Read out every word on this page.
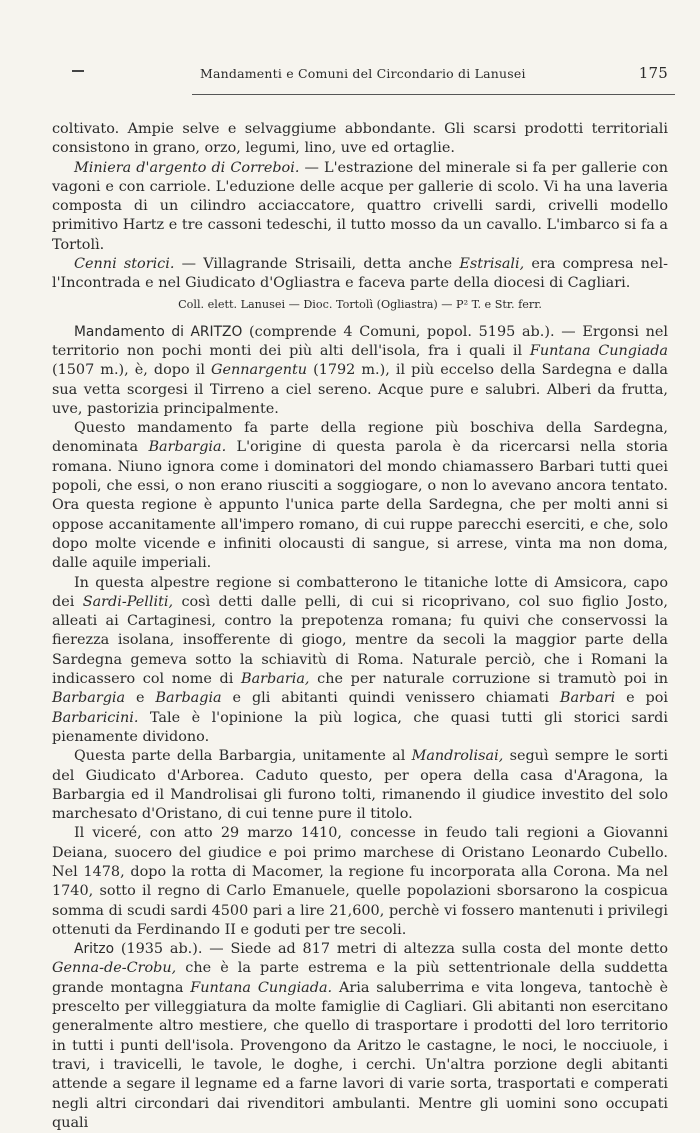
Mandamenti e Comuni del Circondario di Lanusei	175

coltivato. Ampie selve e selvaggiume abbondante. Gli scarsi prodotti territoriali consistono in grano, orzo, legumi, lino, uve ed ortaglie.

Miniera d'argento di Correboi. — L'estrazione del minerale si fa per gallerie con vagoni e con carriole. L'eduzione delle acque per gallerie di scolo. Vi ha una laveria composta di un cilindro acciaccatore, quattro crivelli sardi, crivelli modello primitivo Hartz e tre cassoni tedeschi, il tutto mosso da un cavallo. L'imbarco si fa a Tortolì.

Cenni storici. — Villagrande Strisaili, detta anche Estrisali, era compresa nel-l'Incontrada e nel Giudicato d'Ogliastra e faceva parte della diocesi di Cagliari.

Coll. elett. Lanusei — Dioc. Tortolì (Ogliastra) — P² T. e Str. ferr.

Mandamento di ARITZO (comprende 4 Comuni, popol. 5195 ab.). — Ergonsi nel territorio non pochi monti dei più alti dell'isola, fra i quali il Funtana Cungiada (1507 m.), è, dopo il Gennargentu (1792 m.), il più eccelso della Sardegna e dalla sua vetta scorgesi il Tirreno a ciel sereno. Acque pure e salubri. Alberi da frutta, uve, pastorizia principalmente.

Questo mandamento fa parte della regione più boschiva della Sardegna, denominata Barbargia. L'origine di questa parola è da ricercarsi nella storia romana. Niuno ignora come i dominatori del mondo chiamassero Barbari tutti quei popoli, che essi, o non erano riusciti a soggiogare, o non lo avevano ancora tentato. Ora questa regione è appunto l'unica parte della Sardegna, che per molti anni si oppose accanitamente all'impero romano, di cui ruppe parecchi eserciti, e che, solo dopo molte vicende e infiniti olocausti di sangue, si arrese, vinta ma non doma, dalle aquile imperiali.

In questa alpestre regione si combatterono le titaniche lotte di Amsicora, capo dei Sardi-Pelliti, così detti dalle pelli, di cui si ricoprivano, col suo figlio Josto, alleati ai Cartaginesi, contro la prepotenza romana; fu quivi che conservossi la fierezza isolana, insofferente di giogo, mentre da secoli la maggior parte della Sardegna gemeva sotto la schiavitù di Roma. Naturale perciò, che i Romani la indicassero col nome di Barbaria, che per naturale corruzione si tramutò poi in Barbargia e Barbagia e gli abitanti quindi venissero chiamati Barbari e poi Barbaricini. Tale è l'opinione la più logica, che quasi tutti gli storici sardi pienamente dividono.

Questa parte della Barbargia, unitamente al Mandrolisai, seguì sempre le sorti del Giudicato d'Arborea. Caduto questo, per opera della casa d'Aragona, la Barbargia ed il Mandrolisai gli furono tolti, rimanendo il giudice investito del solo marchesato d'Oristano, di cui tenne pure il titolo.

Il viceré, con atto 29 marzo 1410, concesse in feudo tali regioni a Giovanni Deiana, suocero del giudice e poi primo marchese di Oristano Leonardo Cubello. Nel 1478, dopo la rotta di Macomer, la regione fu incorporata alla Corona. Ma nel 1740, sotto il regno di Carlo Emanuele, quelle popolazioni sborsarono la cospicua somma di scudi sardi 4500 pari a lire 21,600, perchè vi fossero mantenuti i privilegi ottenuti da Ferdinando II e goduti per tre secoli.

Aritzo (1935 ab.). — Siede ad 817 metri di altezza sulla costa del monte detto Genna-de-Crobu, che è la parte estrema e la più settentrionale della suddetta grande montagna Funtana Cungiada. Aria saluberrima e vita longeva, tantochè è prescelto per villeggiatura da molte famiglie di Cagliari. Gli abitanti non esercitano generalmente altro mestiere, che quello di trasportare i prodotti del loro territorio in tutti i punti dell'isola. Provengono da Aritzo le castagne, le noci, le nocciuole, i travi, i travicelli, le tavole, le doghe, i cerchi. Un'altra porzione degli abitanti attende a segare il legname ed a farne lavori di varie sorta, trasportati e comperati negli altri circondari dai rivenditori ambulanti. Mentre gli uomini sono occupati quali
